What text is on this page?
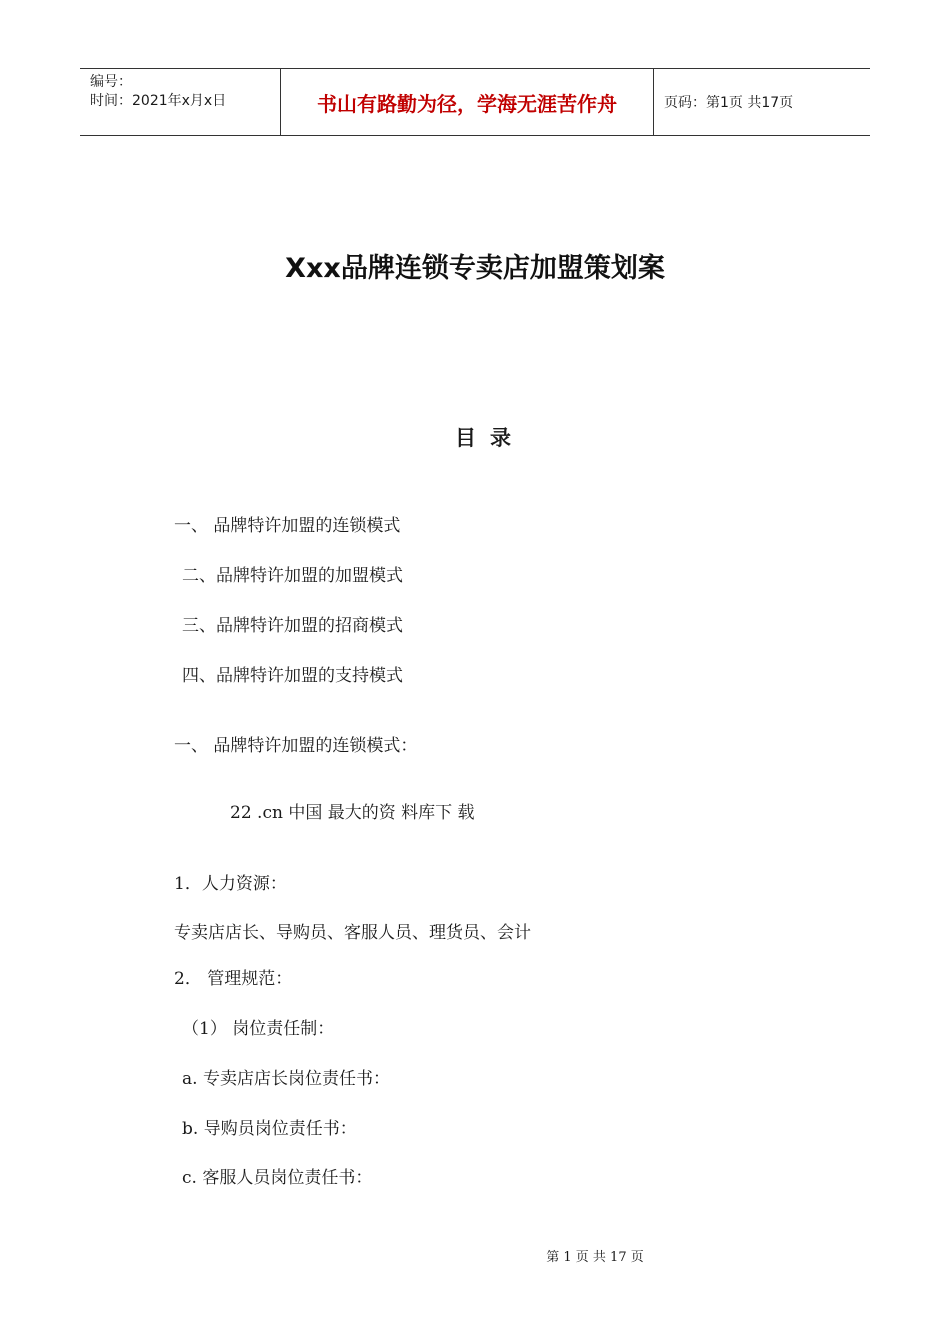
编号：
时间：2021年x月x日	书山有路勤为径，学海无涯苦作舟	页码：第1页 共17页
Xxx品牌连锁专卖店加盟策划案
目录
一、 品牌特许加盟的连锁模式
二、品牌特许加盟的加盟模式
三、品牌特许加盟的招商模式
四、品牌特许加盟的支持模式
一、 品牌特许加盟的连锁模式：
22 .cn 中国 最大的资 料库下 载
1．人力资源：
专卖店店长、导购员、客服人员、理货员、会计
2． 管理规范：
（1） 岗位责任制：
a. 专卖店店长岗位责任书：
b. 导购员岗位责任书：
c. 客服人员岗位责任书：
第 1 页 共 17 页
